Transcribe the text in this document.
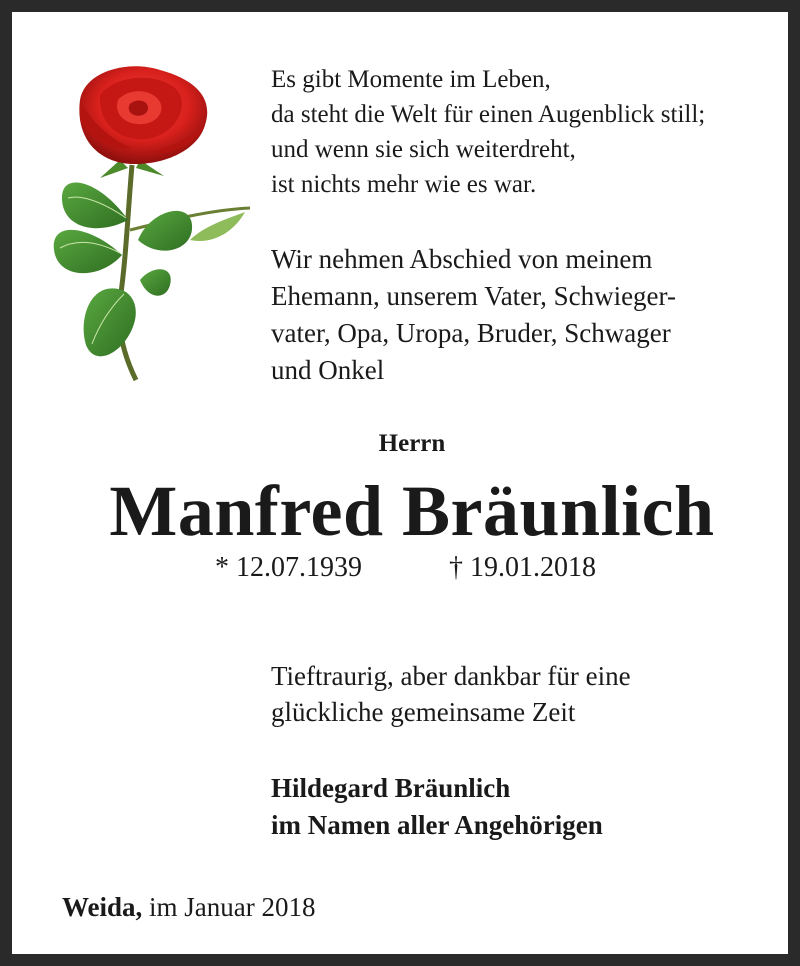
Es gibt Momente im Leben,
da steht die Welt für einen Augenblick still;
und wenn sie sich weiterdreht,
ist nichts mehr wie es war.

Wir nehmen Abschied von meinem
Ehemann, unserem Vater, Schwieger-
vater, Opa, Uropa, Bruder, Schwager
und Onkel

Herrn
Manfred Bräunlich
* 12.07.1939	† 19.01.2018

Tieftraurig, aber dankbar für eine
glückliche gemeinsame Zeit

Hildegard Bräunlich
im Namen aller Angehörigen

Weida, im Januar 2018
